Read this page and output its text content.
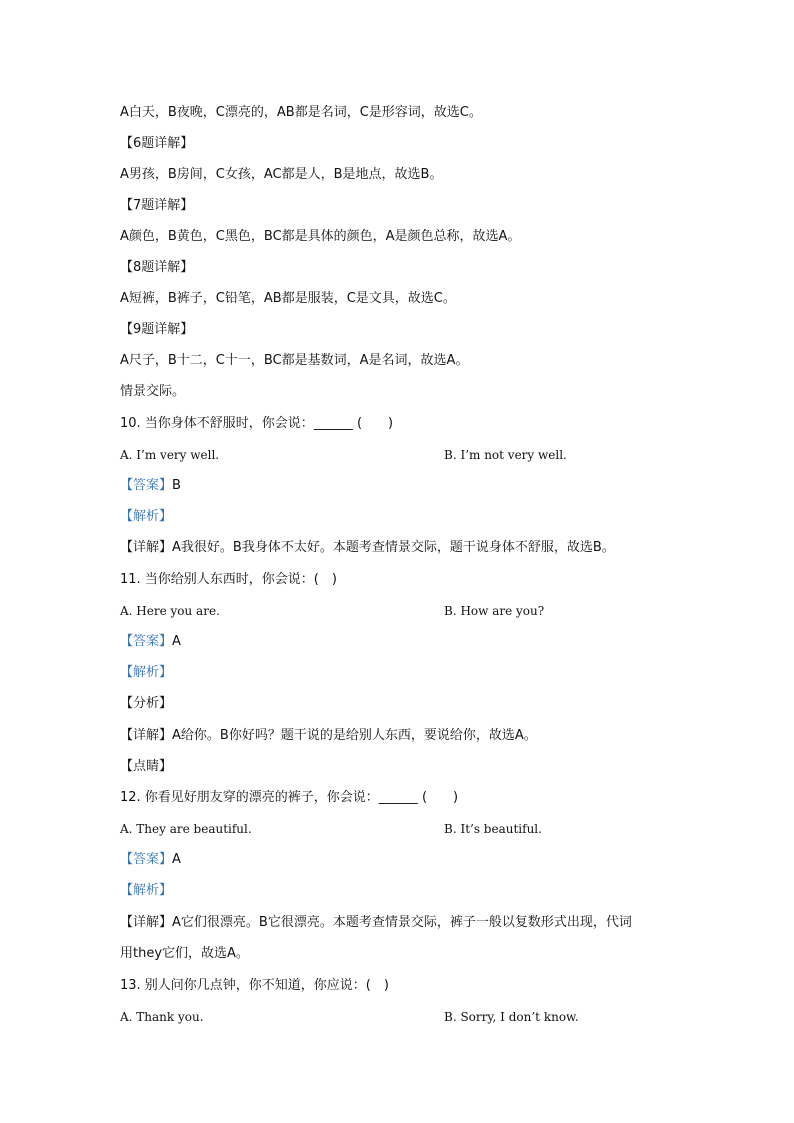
A白天，B夜晚，C漂亮的，AB都是名词，C是形容词，故选C。

【6题详解】

A男孩，B房间，C女孩，AC都是人，B是地点，故选B。

【7题详解】

A颜色，B黄色，C黑色，BC都是具体的颜色，A是颜色总称，故选A。

【8题详解】

A短裤，B裤子，C铅笔，AB都是服装，C是文具，故选C。

【9题详解】

A尺子，B十二，C十一，BC都是基数词，A是名词，故选A。

情景交际。

10. 当你身体不舒服时，你会说：______ (　　)

A. I’m very well.	B. I’m not very well.

【答案】B

【解析】

【详解】A我很好。B我身体不太好。本题考查情景交际，题干说身体不舒服，故选B。

11. 当你给别人东西时，你会说：(　)

A. Here you are.	B. How are you?

【答案】A

【解析】

【分析】

【详解】A给你。B你好吗？题干说的是给别人东西，要说给你，故选A。

【点睛】

12. 你看见好朋友穿的漂亮的裤子，你会说：______ (　　)

A. They are beautiful.	B. It’s beautiful.

【答案】A

【解析】

【详解】A它们很漂亮。B它很漂亮。本题考查情景交际，裤子一般以复数形式出现，代词

用they它们，故选A。

13. 别人问你几点钟，你不知道，你应说：(　)

A. Thank you.	B. Sorry, I don’t know.
